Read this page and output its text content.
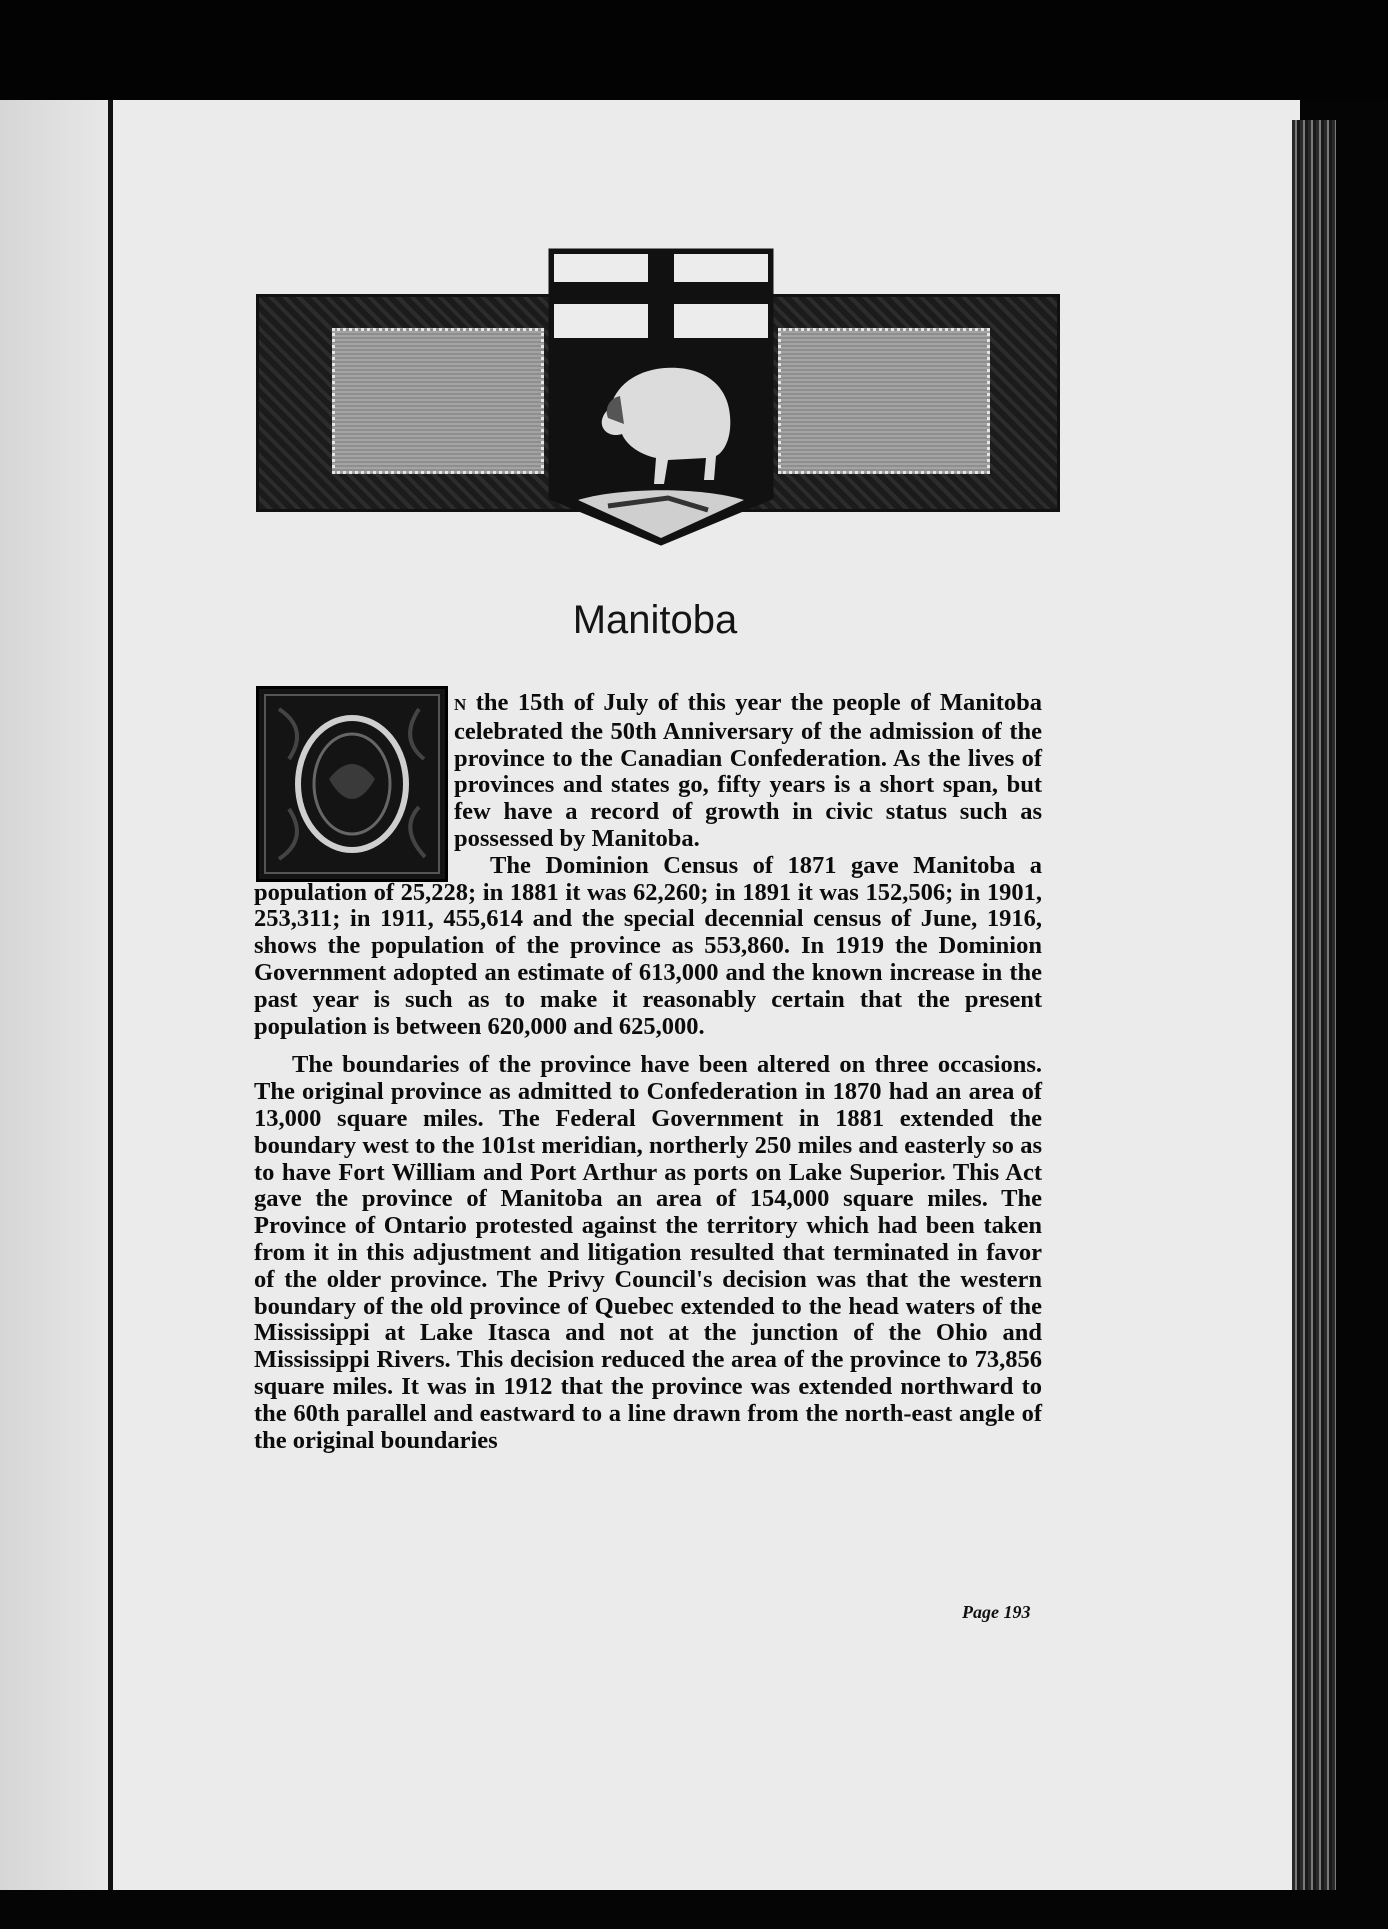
Manitoba

N the 15th of July of this year the people of Manitoba celebrated the 50th Anniversary of the admission of the province to the Canadian Confederation. As the lives of provinces and states go, fifty years is a short span, but few have a record of growth in civic status such as possessed by Manitoba.

The Dominion Census of 1871 gave Manitoba a population of 25,228; in 1881 it was 62,260; in 1891 it was 152,506; in 1901, 253,311; in 1911, 455,614 and the special decennial census of June, 1916, shows the population of the province as 553,860. In 1919 the Dominion Government adopted an estimate of 613,000 and the known increase in the past year is such as to make it reasonably certain that the present population is between 620,000 and 625,000.

The boundaries of the province have been altered on three occasions. The original province as admitted to Confederation in 1870 had an area of 13,000 square miles. The Federal Government in 1881 extended the boundary west to the 101st meridian, northerly 250 miles and easterly so as to have Fort William and Port Arthur as ports on Lake Superior. This Act gave the province of Manitoba an area of 154,000 square miles. The Province of Ontario protested against the territory which had been taken from it in this adjustment and litigation resulted that terminated in favor of the older province. The Privy Council's decision was that the western boundary of the old province of Quebec extended to the head waters of the Mississippi at Lake Itasca and not at the junction of the Ohio and Mississippi Rivers. This decision reduced the area of the province to 73,856 square miles. It was in 1912 that the province was extended northward to the 60th parallel and eastward to a line drawn from the north-east angle of the original boundaries

Page 193
